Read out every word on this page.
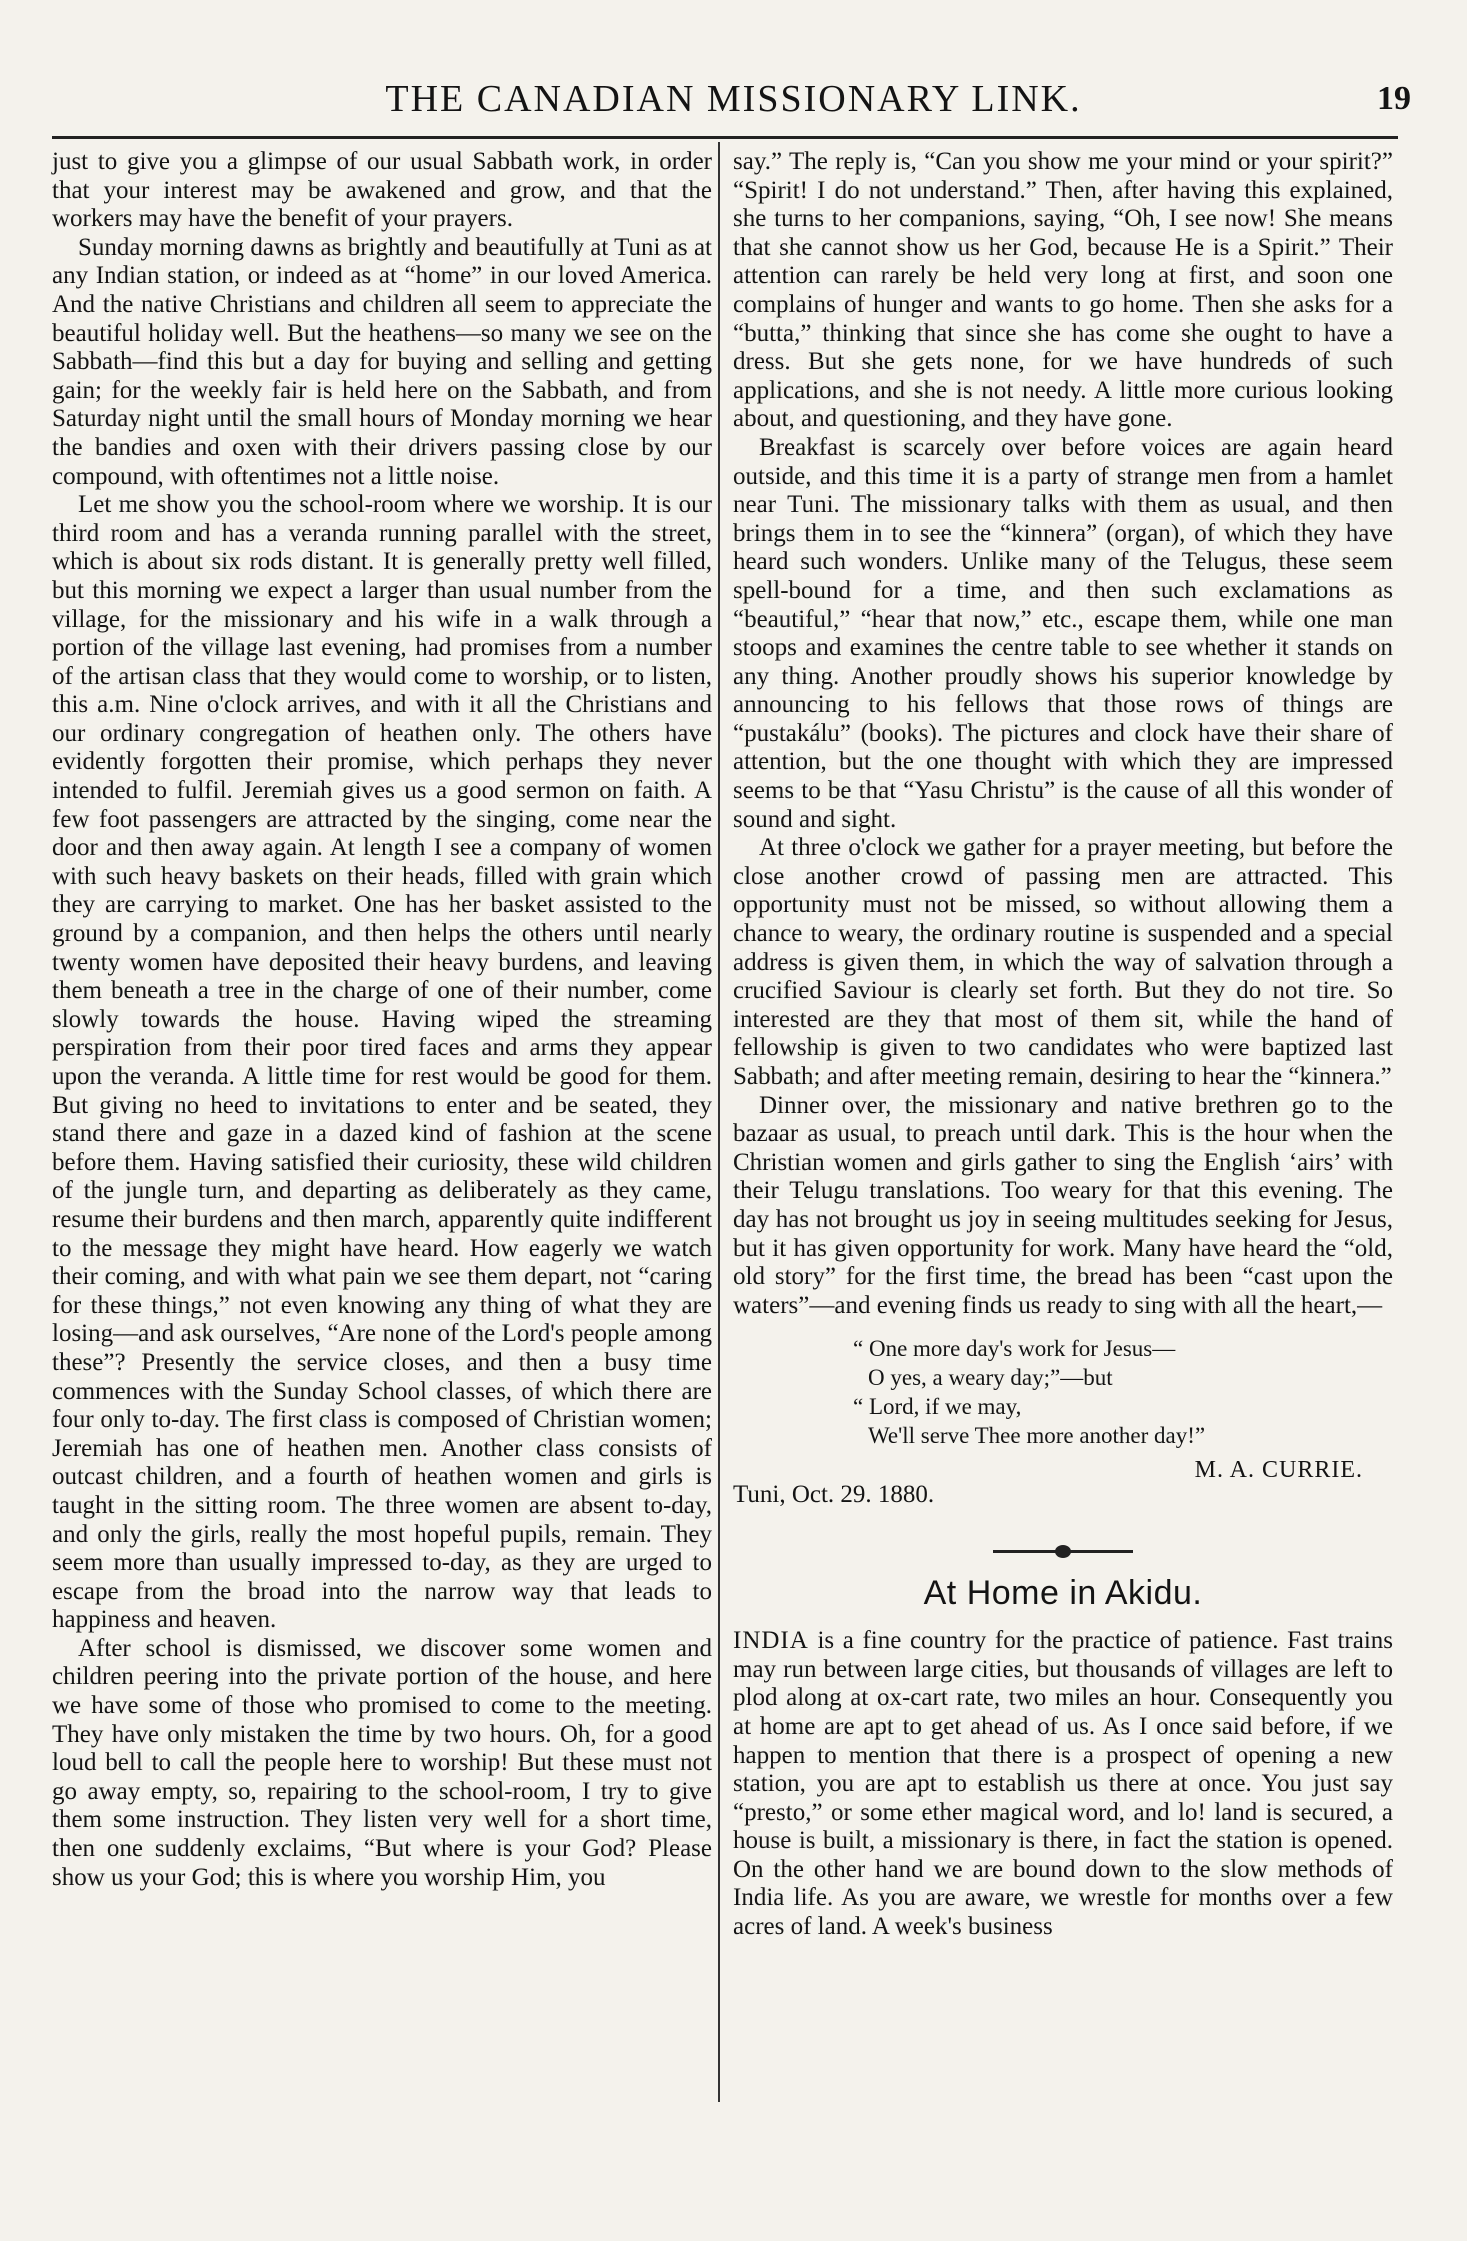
THE CANADIAN MISSIONARY LINK.	19

just to give you a glimpse of our usual Sabbath work, in order that your interest may be awakened and grow, and that the workers may have the benefit of your prayers.

Sunday morning dawns as brightly and beautifully at Tuni as at any Indian station, or indeed as at “home” in our loved America. And the native Christians and children all seem to appreciate the beautiful holiday well. But the heathens—so many we see on the Sabbath—find this but a day for buying and selling and getting gain; for the weekly fair is held here on the Sabbath, and from Saturday night until the small hours of Monday morning we hear the bandies and oxen with their drivers passing close by our compound, with oftentimes not a little noise.

Let me show you the school-room where we worship. It is our third room and has a veranda running parallel with the street, which is about six rods distant. It is generally pretty well filled, but this morning we expect a larger than usual number from the village, for the missionary and his wife in a walk through a portion of the village last evening, had promises from a number of the artisan class that they would come to worship, or to listen, this a.m. Nine o'clock arrives, and with it all the Christians and our ordinary congregation of heathen only. The others have evidently forgotten their promise, which perhaps they never intended to fulfil. Jeremiah gives us a good sermon on faith. A few foot passengers are attracted by the singing, come near the door and then away again. At length I see a company of women with such heavy baskets on their heads, filled with grain which they are carrying to market. One has her basket assisted to the ground by a companion, and then helps the others until nearly twenty women have deposited their heavy burdens, and leaving them beneath a tree in the charge of one of their number, come slowly towards the house. Having wiped the streaming perspiration from their poor tired faces and arms they appear upon the veranda. A little time for rest would be good for them. But giving no heed to invitations to enter and be seated, they stand there and gaze in a dazed kind of fashion at the scene before them. Having satisfied their curiosity, these wild children of the jungle turn, and departing as deliberately as they came, resume their burdens and then march, apparently quite indifferent to the message they might have heard. How eagerly we watch their coming, and with what pain we see them depart, not “caring for these things,” not even knowing any thing of what they are losing—and ask ourselves, “Are none of the Lord's people among these”? Presently the service closes, and then a busy time commences with the Sunday School classes, of which there are four only to-day. The first class is composed of Christian women; Jeremiah has one of heathen men. Another class consists of outcast children, and a fourth of heathen women and girls is taught in the sitting room. The three women are absent to-day, and only the girls, really the most hopeful pupils, remain. They seem more than usually impressed to-day, as they are urged to escape from the broad into the narrow way that leads to happiness and heaven.

After school is dismissed, we discover some women and children peering into the private portion of the house, and here we have some of those who promised to come to the meeting. They have only mistaken the time by two hours. Oh, for a good loud bell to call the people here to worship! But these must not go away empty, so, repairing to the school-room, I try to give them some instruction. They listen very well for a short time, then one suddenly exclaims, “But where is your God? Please show us your God; this is where you worship Him, you

say.” The reply is, “Can you show me your mind or your spirit?” “Spirit! I do not understand.” Then, after having this explained, she turns to her companions, saying, “Oh, I see now! She means that she cannot show us her God, because He is a Spirit.” Their attention can rarely be held very long at first, and soon one complains of hunger and wants to go home. Then she asks for a “butta,” thinking that since she has come she ought to have a dress. But she gets none, for we have hundreds of such applications, and she is not needy. A little more curious looking about, and questioning, and they have gone.

Breakfast is scarcely over before voices are again heard outside, and this time it is a party of strange men from a hamlet near Tuni. The missionary talks with them as usual, and then brings them in to see the “kinnera” (organ), of which they have heard such wonders. Unlike many of the Telugus, these seem spell-bound for a time, and then such exclamations as “beautiful,” “hear that now,” etc., escape them, while one man stoops and examines the centre table to see whether it stands on any thing. Another proudly shows his superior knowledge by announcing to his fellows that those rows of things are “pustakálu” (books). The pictures and clock have their share of attention, but the one thought with which they are impressed seems to be that “Yasu Christu” is the cause of all this wonder of sound and sight.

At three o'clock we gather for a prayer meeting, but before the close another crowd of passing men are attracted. This opportunity must not be missed, so without allowing them a chance to weary, the ordinary routine is suspended and a special address is given them, in which the way of salvation through a crucified Saviour is clearly set forth. But they do not tire. So interested are they that most of them sit, while the hand of fellowship is given to two candidates who were baptized last Sabbath; and after meeting remain, desiring to hear the “kinnera.”

Dinner over, the missionary and native brethren go to the bazaar as usual, to preach until dark. This is the hour when the Christian women and girls gather to sing the English ‘airs’ with their Telugu translations. Too weary for that this evening. The day has not brought us joy in seeing multitudes seeking for Jesus, but it has given opportunity for work. Many have heard the “old, old story” for the first time, the bread has been “cast upon the waters”—and evening finds us ready to sing with all the heart,—

“ One more day's work for Jesus—
O yes, a weary day;”—but
“ Lord, if we may,
We'll serve Thee more another day!”
M. A. CURRIE.
Tuni, Oct. 29. 1880.
At Home in Akidu.

INDIA is a fine country for the practice of patience. Fast trains may run between large cities, but thousands of villages are left to plod along at ox-cart rate, two miles an hour. Consequently you at home are apt to get ahead of us. As I once said before, if we happen to mention that there is a prospect of opening a new station, you are apt to establish us there at once. You just say “presto,” or some ether magical word, and lo! land is secured, a house is built, a missionary is there, in fact the station is opened. On the other hand we are bound down to the slow methods of India life. As you are aware, we wrestle for months over a few acres of land. A week's business
